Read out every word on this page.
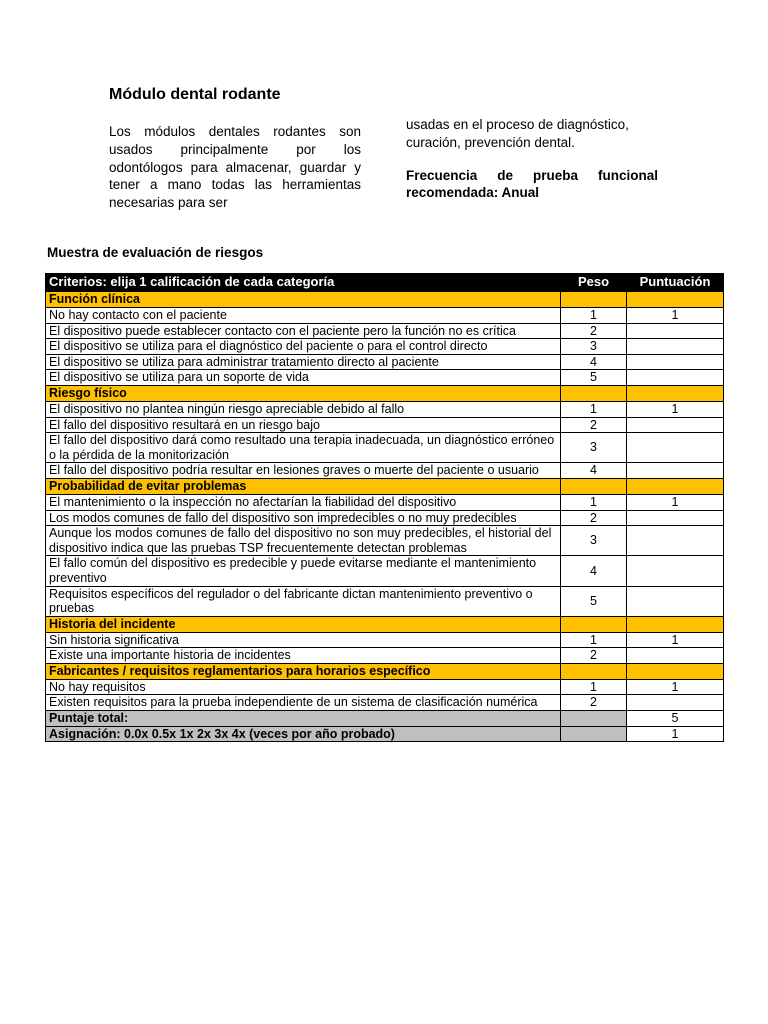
Módulo dental rodante
Los módulos dentales rodantes son usados principalmente por los odontólogos para almacenar, guardar y tener a mano todas las herramientas necesarias para ser
usadas en el proceso de diagnóstico, curación, prevención dental.
Frecuencia de prueba funcional recomendada: Anual
Muestra de evaluación de riesgos
Criterios: elija 1 calificación de cada categoría	Peso	Puntuación
Función clínica		
No hay contacto con el paciente	1	1
El dispositivo puede establecer contacto con el paciente pero la función no es crítica	2	
El dispositivo se utiliza para el diagnóstico del paciente o para el control directo	3	
El dispositivo se utiliza para administrar tratamiento directo al paciente	4	
El dispositivo se utiliza para un soporte de vida	5	
Riesgo físico		
El dispositivo no plantea ningún riesgo apreciable debido al fallo	1	1
El fallo del dispositivo resultará en un riesgo bajo	2	
El fallo del dispositivo dará como resultado una terapia inadecuada, un diagnóstico erróneo o la pérdida de la monitorización	3	
El fallo del dispositivo podría resultar en lesiones graves o muerte del paciente o usuario	4	
Probabilidad de evitar problemas		
El mantenimiento o la inspección no afectarían la fiabilidad del dispositivo	1	1
Los modos comunes de fallo del dispositivo son impredecibles o no muy predecibles	2	
Aunque los modos comunes de fallo del dispositivo no son muy predecibles, el historial del dispositivo indica que las pruebas TSP frecuentemente detectan problemas	3	
El fallo común del dispositivo es predecible y puede evitarse mediante el mantenimiento preventivo	4	
Requisitos específicos del regulador o del fabricante dictan mantenimiento preventivo o pruebas	5	
Historia del incidente		
Sin historia significativa	1	1
Existe una importante historia de incidentes	2	
Fabricantes / requisitos reglamentarios para horarios específico		
No hay requisitos	1	1
Existen requisitos para la prueba independiente de un sistema de clasificación numérica	2	
Puntaje total:		5
Asignación: 0.0x 0.5x 1x 2x 3x 4x (veces por año probado)		1
